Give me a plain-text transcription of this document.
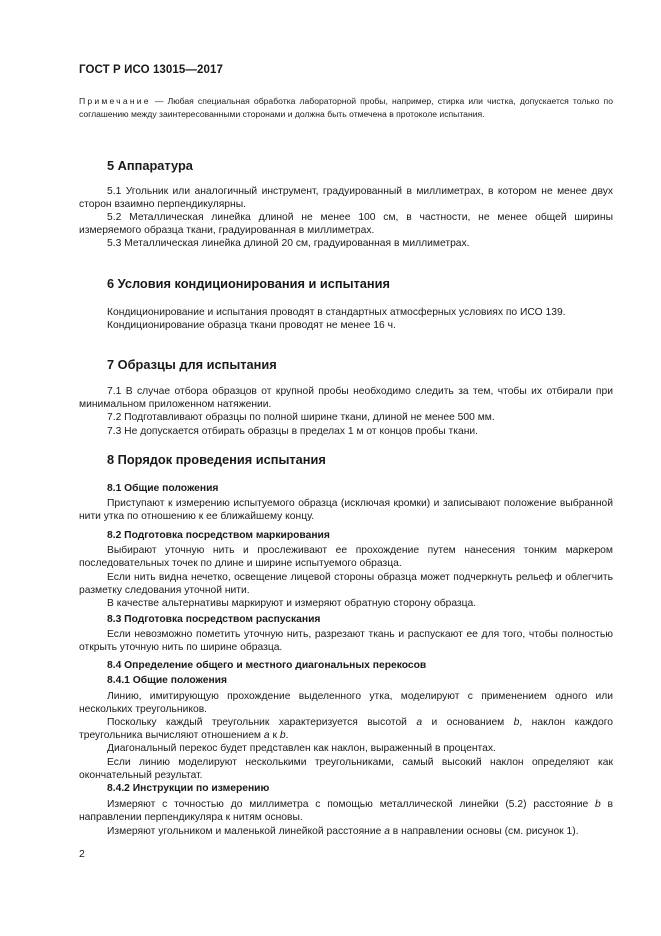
ГОСТ Р ИСО 13015—2017
Примечание — Любая специальная обработка лабораторной пробы, например, стирка или чистка, допускается только по соглашению между заинтересованными сторонами и должна быть отмечена в протоколе испытания.
5 Аппаратура
5.1 Угольник или аналогичный инструмент, градуированный в миллиметрах, в котором не менее двух сторон взаимно перпендикулярны.
5.2 Металлическая линейка длиной не менее 100 см, в частности, не менее общей ширины измеряемого образца ткани, градуированная в миллиметрах.
5.3 Металлическая линейка длиной 20 см, градуированная в миллиметрах.
6 Условия кондиционирования и испытания
Кондиционирование и испытания проводят в стандартных атмосферных условиях по ИСО 139.
Кондиционирование образца ткани проводят не менее 16 ч.
7 Образцы для испытания
7.1 В случае отбора образцов от крупной пробы необходимо следить за тем, чтобы их отбирали при минимальном приложенном натяжении.
7.2 Подготавливают образцы по полной ширине ткани, длиной не менее 500 мм.
7.3 Не допускается отбирать образцы в пределах 1 м от концов пробы ткани.
8 Порядок проведения испытания
8.1 Общие положения
Приступают к измерению испытуемого образца (исключая кромки) и записывают положение выбранной нити утка по отношению к ее ближайшему концу.
8.2 Подготовка посредством маркирования
Выбирают уточную нить и прослеживают ее прохождение путем нанесения тонким маркером последовательных точек по длине и ширине испытуемого образца.
Если нить видна нечетко, освещение лицевой стороны образца может подчеркнуть рельеф и облегчить разметку следования уточной нити.
В качестве альтернативы маркируют и измеряют обратную сторону образца.
8.3 Подготовка посредством распускания
Если невозможно пометить уточную нить, разрезают ткань и распускают ее для того, чтобы полностью открыть уточную нить по ширине образца.
8.4 Определение общего и местного диагональных перекосов
8.4.1 Общие положения
Линию, имитирующую прохождение выделенного утка, моделируют с применением одного или нескольких треугольников.
Поскольку каждый треугольник характеризуется высотой a и основанием b, наклон каждого треугольника вычисляют отношением a к b.
Диагональный перекос будет представлен как наклон, выраженный в процентах.
Если линию моделируют несколькими треугольниками, самый высокий наклон определяют как окончательный результат.
8.4.2 Инструкции по измерению
Измеряют с точностью до миллиметра с помощью металлической линейки (5.2) расстояние b в направлении перпендикуляра к нитям основы.
Измеряют угольником и маленькой линейкой расстояние a в направлении основы (см. рисунок 1).
2
